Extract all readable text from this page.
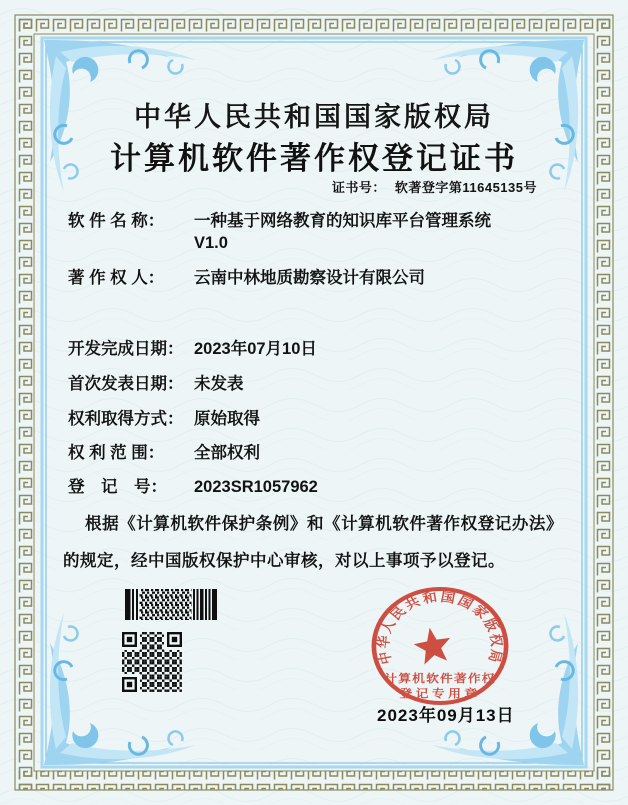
中华人民共和国国家版权局
计算机软件著作权登记证书
证书号： 软著登字第11645135号
软 件 名 称：	一种基于网络教育的知识库平台管理系统
V1.0
著 作 权 人：	云南中林地质勘察设计有限公司
开发完成日期： 2023年07月10日
首次发表日期： 未发表
权利取得方式： 原始取得
权 利 范 围：	全部权利
登　记　号：	2023SR1057962
根据《计算机软件保护条例》和《计算机软件著作权登记办法》的规定，经中国版权保护中心审核，对以上事项予以登记。
中华人民共和国国家版权局
计算机软件著作权
登记专用章
2023年09月13日
